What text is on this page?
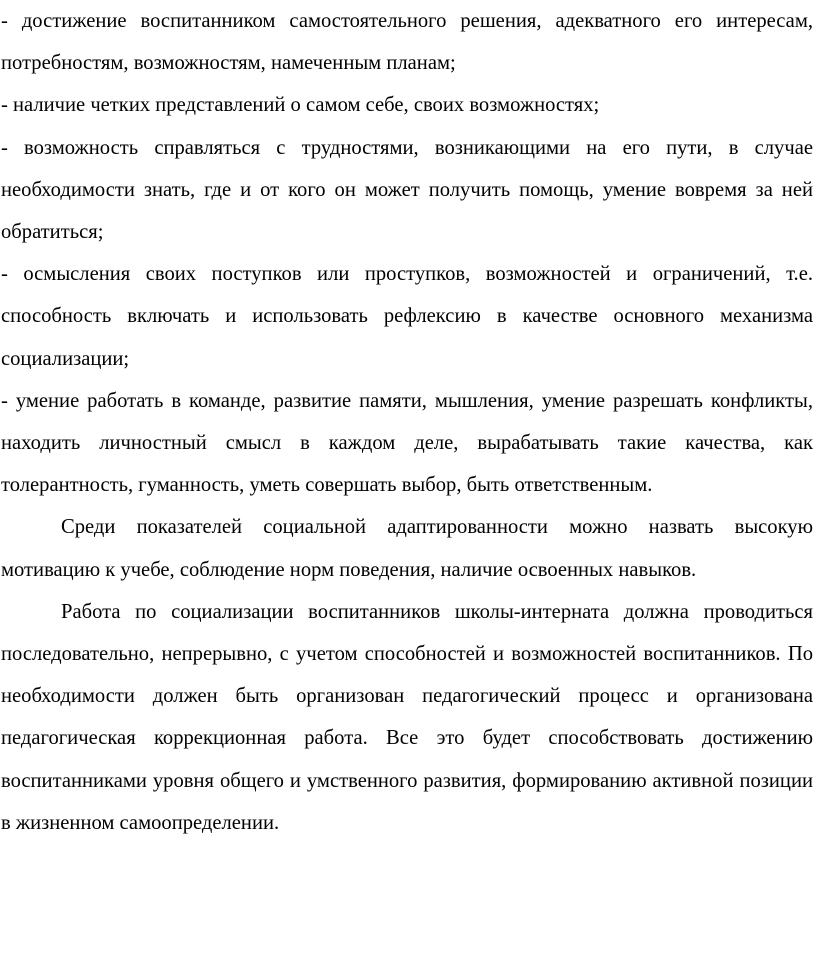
- достижение воспитанником самостоятельного решения, адекватного его интересам, потребностям, возможностям, намеченным планам;

- наличие четких представлений о самом себе, своих возможностях;

- возможность справляться с трудностями, возникающими на его пути, в случае необходимости знать, где и от кого он может получить помощь, умение вовремя за ней обратиться;

- осмысления своих поступков или проступков, возможностей и ограничений, т.е. способность включать и использовать рефлексию в качестве основного механизма социализации;

- умение работать в команде, развитие памяти, мышления, умение разрешать конфликты, находить личностный смысл в каждом деле, вырабатывать такие качества, как толерантность, гуманность, уметь совершать выбор, быть ответственным.

Среди показателей социальной адаптированности можно назвать высокую мотивацию к учебе, соблюдение норм поведения, наличие освоенных навыков.

Работа по социализации воспитанников школы-интерната должна проводиться последовательно, непрерывно, с учетом способностей и возможностей воспитанников. По необходимости должен быть организован педагогический процесс и организована педагогическая коррекционная работа. Все это будет способствовать достижению воспитанниками уровня общего и умственного развития, формированию активной позиции в жизненном самоопределении.
